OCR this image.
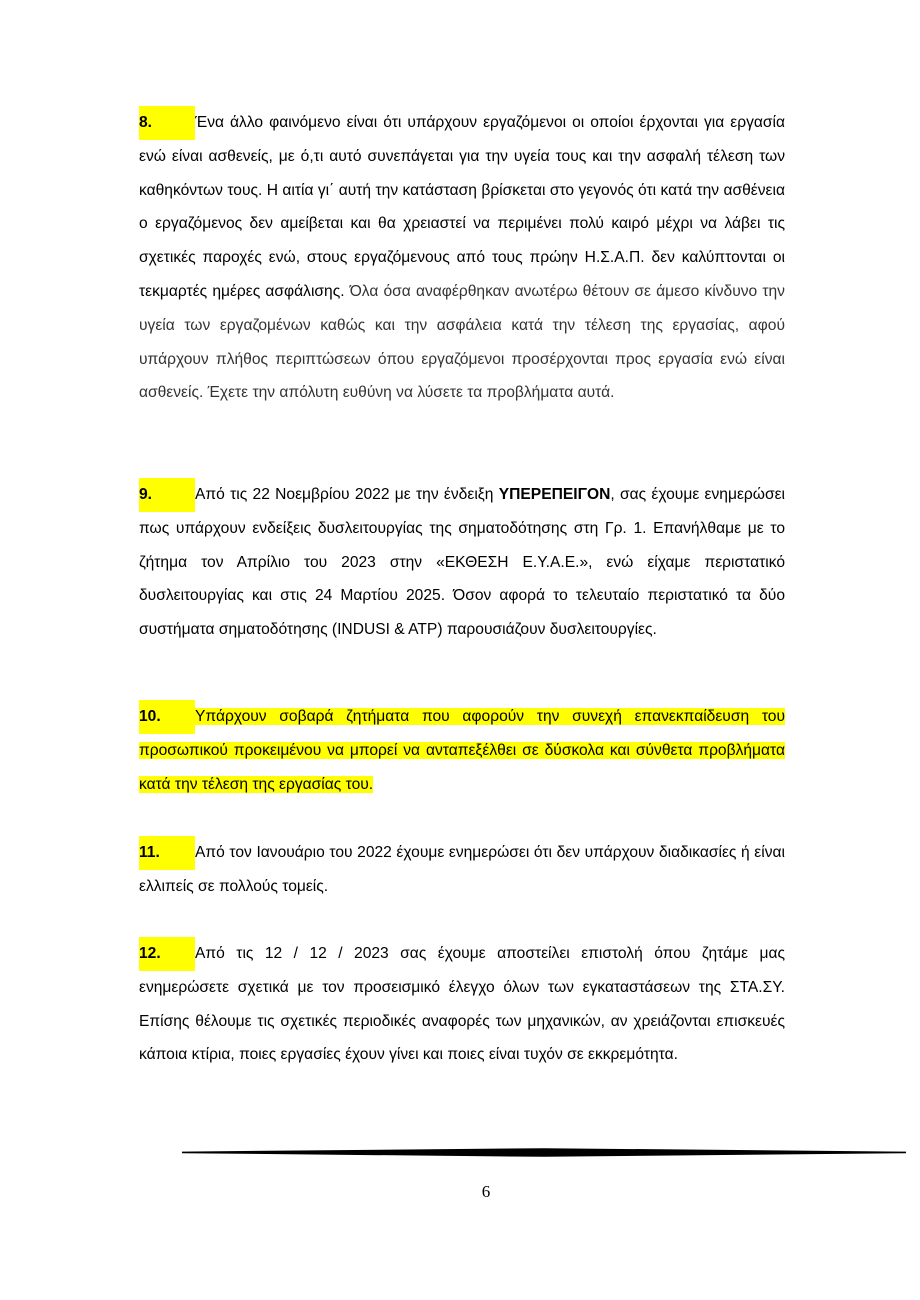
8.	Ένα άλλο φαινόμενο είναι ότι υπάρχουν εργαζόμενοι οι οποίοι έρχονται για εργασία ενώ είναι ασθενείς, με ό,τι αυτό συνεπάγεται για την υγεία τους και την ασφαλή τέλεση των καθηκόντων τους. Η αιτία γι΄ αυτή την κατάσταση βρίσκεται στο γεγονός ότι κατά την ασθένεια ο εργαζόμενος δεν αμείβεται και θα χρειαστεί να περιμένει πολύ καιρό μέχρι να λάβει τις σχετικές παροχές ενώ, στους εργαζόμενους από τους πρώην Η.Σ.Α.Π. δεν καλύπτονται οι τεκμαρτές ημέρες ασφάλισης. Όλα όσα αναφέρθηκαν ανωτέρω θέτουν σε άμεσο κίνδυνο την υγεία των εργαζομένων καθώς και την ασφάλεια κατά την τέλεση της εργασίας, αφού υπάρχουν πλήθος περιπτώσεων όπου εργαζόμενοι προσέρχονται προς εργασία ενώ είναι ασθενείς. Έχετε την απόλυτη ευθύνη να λύσετε τα προβλήματα αυτά.

9.	Από τις 22 Νοεμβρίου 2022 με την ένδειξη ΥΠΕΡΕΠΕΙΓΟΝ, σας έχουμε ενημερώσει πως υπάρχουν ενδείξεις δυσλειτουργίας της σηματοδότησης στη Γρ. 1. Επανήλθαμε με το ζήτημα τον Απρίλιο του 2023 στην «ΕΚΘΕΣΗ Ε.Υ.Α.Ε.», ενώ είχαμε περιστατικό δυσλειτουργίας και στις 24 Μαρτίου 2025. Όσον αφορά το τελευταίο περιστατικό τα δύο συστήματα σηματοδότησης (INDUSI & ATP) παρουσιάζουν δυσλειτουργίες.

10. Υπάρχουν σοβαρά ζητήματα που αφορούν την συνεχή επανεκπαίδευση του προσωπικού προκειμένου να μπορεί να ανταπεξέλθει σε δύσκολα και σύνθετα προβλήματα κατά την τέλεση της εργασίας του.

11. Από τον Ιανουάριο του 2022 έχουμε ενημερώσει ότι δεν υπάρχουν διαδικασίες ή είναι ελλιπείς σε πολλούς τομείς.

12. Από τις 12 / 12 / 2023 σας έχουμε αποστείλει επιστολή όπου ζητάμε μας ενημερώσετε σχετικά με τον προσεισμικό έλεγχο όλων των εγκαταστάσεων της ΣΤΑ.ΣΥ. Επίσης θέλουμε τις σχετικές περιοδικές αναφορές των μηχανικών, αν χρειάζονται επισκευές κάποια κτίρια, ποιες εργασίες έχουν γίνει και ποιες είναι τυχόν σε εκκρεμότητα.

6
